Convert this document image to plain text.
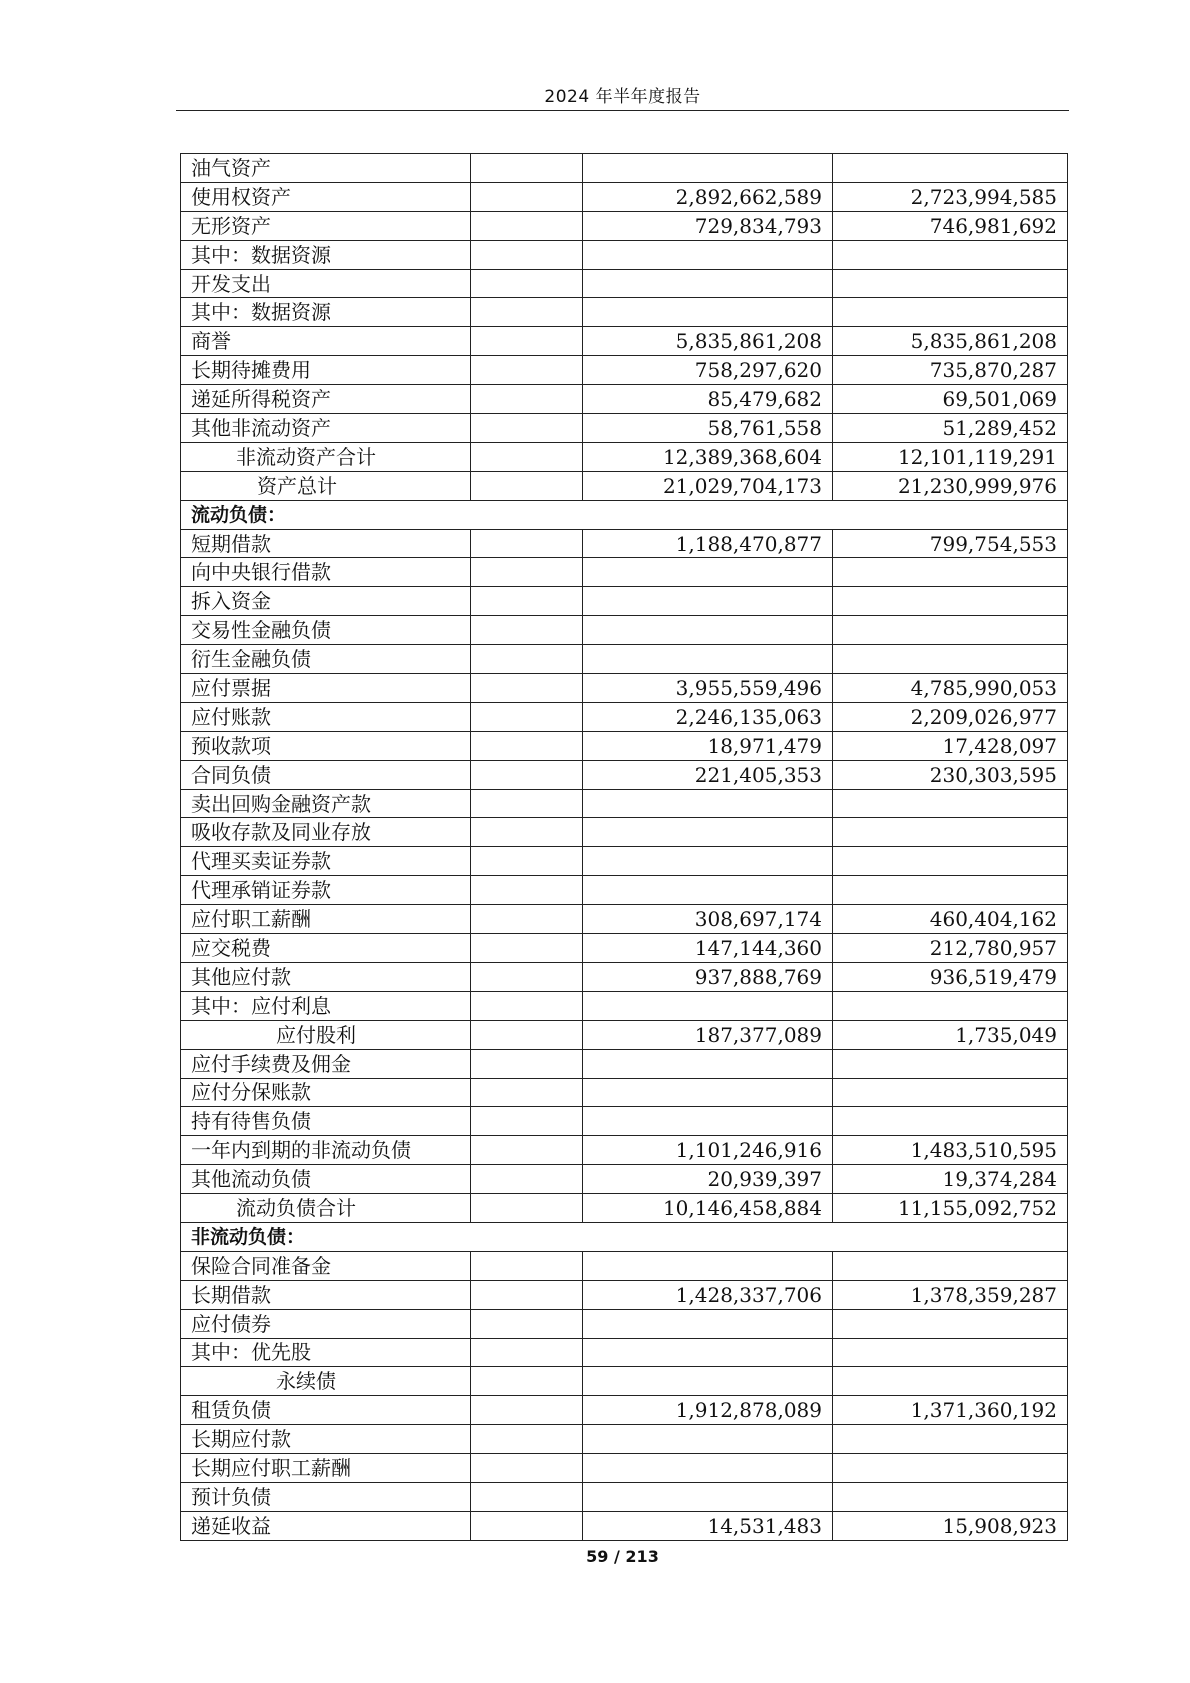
2024 年半年度报告
油气资产			
使用权资产		2,892,662,589	2,723,994,585
无形资产		729,834,793	746,981,692
其中：数据资源			
开发支出			
其中：数据资源			
商誉		5,835,861,208	5,835,861,208
长期待摊费用		758,297,620	735,870,287
递延所得税资产		85,479,682	69,501,069
其他非流动资产		58,761,558	51,289,452
非流动资产合计		12,389,368,604	12,101,119,291
资产总计		21,029,704,173	21,230,999,976
流动负债：			
短期借款		1,188,470,877	799,754,553
向中央银行借款			
拆入资金			
交易性金融负债			
衍生金融负债			
应付票据		3,955,559,496	4,785,990,053
应付账款		2,246,135,063	2,209,026,977
预收款项		18,971,479	17,428,097
合同负债		221,405,353	230,303,595
卖出回购金融资产款			
吸收存款及同业存放			
代理买卖证券款			
代理承销证券款			
应付职工薪酬		308,697,174	460,404,162
应交税费		147,144,360	212,780,957
其他应付款		937,888,769	936,519,479
其中：应付利息			
应付股利		187,377,089	1,735,049
应付手续费及佣金			
应付分保账款			
持有待售负债			
一年内到期的非流动负债		1,101,246,916	1,483,510,595
其他流动负债		20,939,397	19,374,284
流动负债合计		10,146,458,884	11,155,092,752
非流动负债：			
保险合同准备金			
长期借款		1,428,337,706	1,378,359,287
应付债券			
其中：优先股			
永续债			
租赁负债		1,912,878,089	1,371,360,192
长期应付款			
长期应付职工薪酬			
预计负债			
递延收益		14,531,483	15,908,923
59 / 213
